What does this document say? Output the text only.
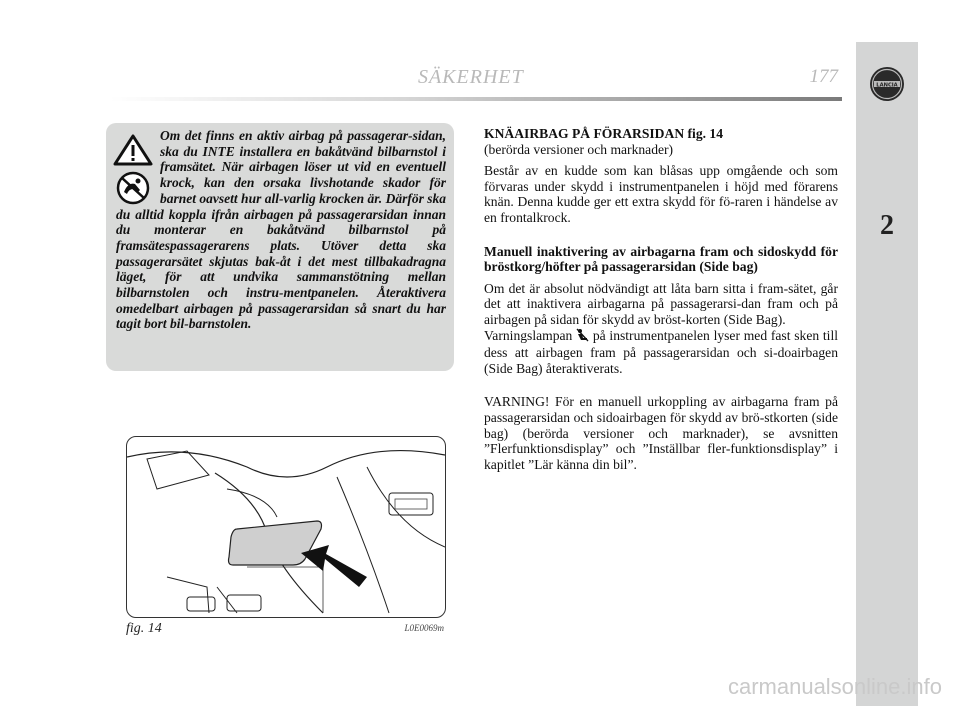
LANCIA
2
SÄKERHET	177
Om det finns en aktiv airbag på passagerar-sidan, ska du INTE installera en bakåtvänd bilbarnstol i framsätet. När airbagen löser ut vid en eventuell krock, kan den orsaka livshotande skador för barnet oavsett hur all-varlig krocken är. Därför ska du alltid koppla ifrån airbagen på passagerarsidan innan du monterar en bakåtvänd bilbarnstol på framsätespassagerarens plats. Utöver detta ska passagerarsätet skjutas bak-åt i det mest tillbakadragna läget, för att undvika sammanstötning mellan bilbarnstolen och instru-mentpanelen. Återaktivera omedelbart airbagen på passagerarsidan så snart du har tagit bort bil-barnstolen.
fig. 14	L0E0069m

KNÄAIRBAG PÅ FÖRARSIDAN fig. 14

(berörda versioner och marknader)

Består av en kudde som kan blåsas upp omgående och som förvaras under skydd i instrumentpanelen i höjd med förarens knän. Denna kudde ger ett extra skydd för fö-raren i händelse av en frontalkrock.

Manuell inaktivering av airbagarna fram och sidoskydd för bröstkorg/höfter på passagerarsidan (Side bag)

Om det är absolut nödvändigt att låta barn sitta i fram-sätet, går det att inaktivera airbagarna på passagerarsi-dan fram och på airbagen på sidan för skydd av bröst-korten (Side Bag).

Varningslampan på instrumentpanelen lyser med fast sken till dess att airbagen fram på passagerarsidan och si-doairbagen (Side Bag) återaktiverats.

VARNING! För en manuell urkoppling av airbagarna fram på passagerarsidan och sidoairbagen för skydd av brö-stkorten (side bag) (berörda versioner och marknader), se avsnitten ”Flerfunktionsdisplay” och ”Inställbar fler-funktionsdisplay” i kapitlet ”Lär känna din bil”.

carmanualsonline.info
